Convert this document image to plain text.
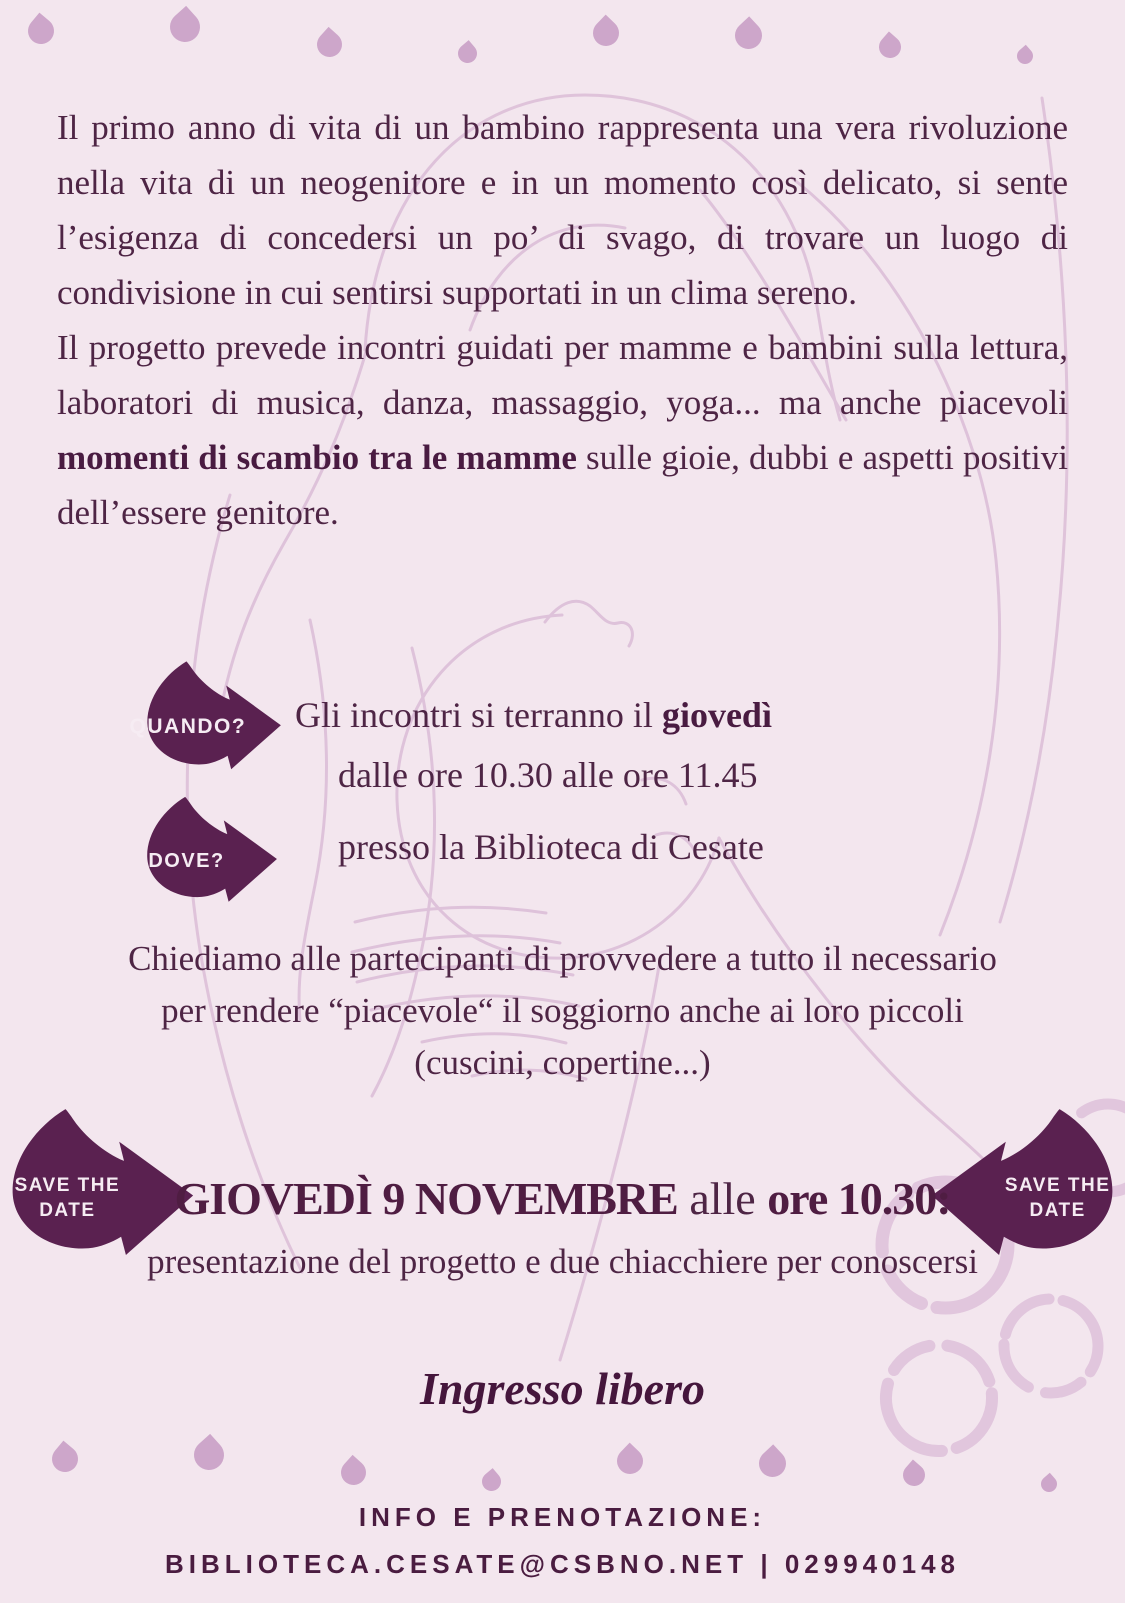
Il primo anno di vita di un bambino rappresenta una vera rivoluzione nella vita di un neogenitore e in un momento così delicato, si sente l’esigenza di concedersi un po’ di svago, di trovare un luogo di condivisione in cui sentirsi supportati in un clima sereno.

Il progetto prevede incontri guidati per mamme e bambini sulla lettura, laboratori di musica, danza, massaggio, yoga... ma anche piacevoli momenti di scambio tra le mamme sulle gioie, dubbi e aspetti positivi dell’essere genitore.

QUANDO? Gli incontri si terranno il giovedì
dalle ore 10.30 alle ore 11.45
DOVE?	presso la Biblioteca di Cesate
Chiediamo alle partecipanti di provvedere a tutto il necessario
per rendere “piacevole“ il soggiorno anche ai loro piccoli
(cuscini, copertine...)
SAVE THE
DATE
SAVE THE
DATE
GIOVEDÌ 9 NOVEMBRE alle ore 10.30:
presentazione del progetto e due chiacchiere per conoscersi
Ingresso libero
INFO E PRENOTAZIONE:
BIBLIOTECA.CESATE@CSBNO.NET | 029940148
